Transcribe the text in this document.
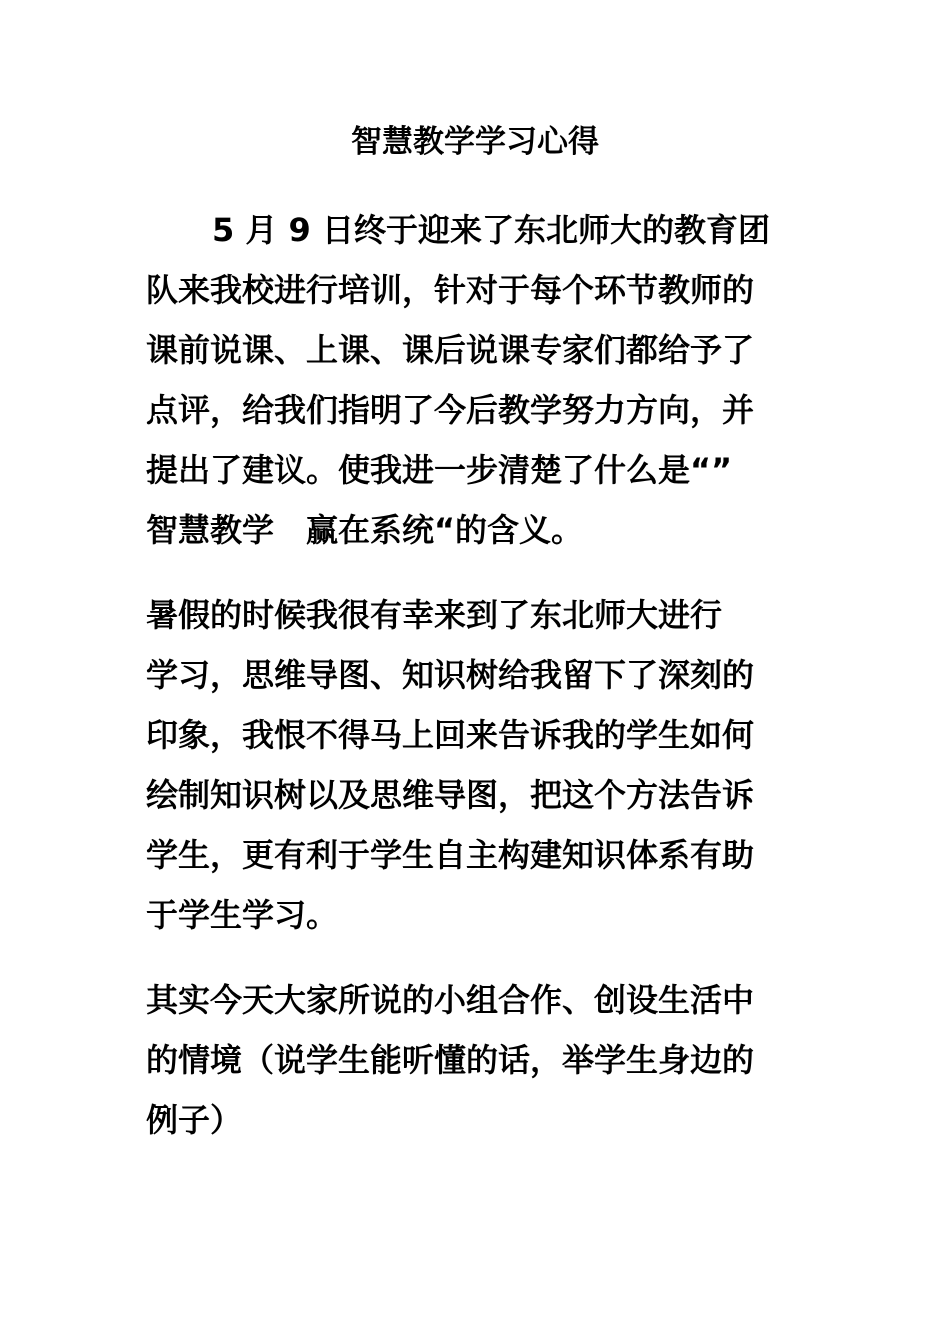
智慧教学学习心得
5 月 9 日终于迎来了东北师大的教育团
队来我校进行培训，针对于每个环节教师的
课前说课、上课、课后说课专家们都给予了
点评，给我们指明了今后教学努力方向，并
提出了建议。使我进一步清楚了什么是“”
智慧教学　赢在系统“的含义。
暑假的时候我很有幸来到了东北师大进行
学习，思维导图、知识树给我留下了深刻的
印象，我恨不得马上回来告诉我的学生如何
绘制知识树以及思维导图，把这个方法告诉
学生，更有利于学生自主构建知识体系有助
于学生学习。
其实今天大家所说的小组合作、创设生活中
的情境（说学生能听懂的话，举学生身边的
例子）
